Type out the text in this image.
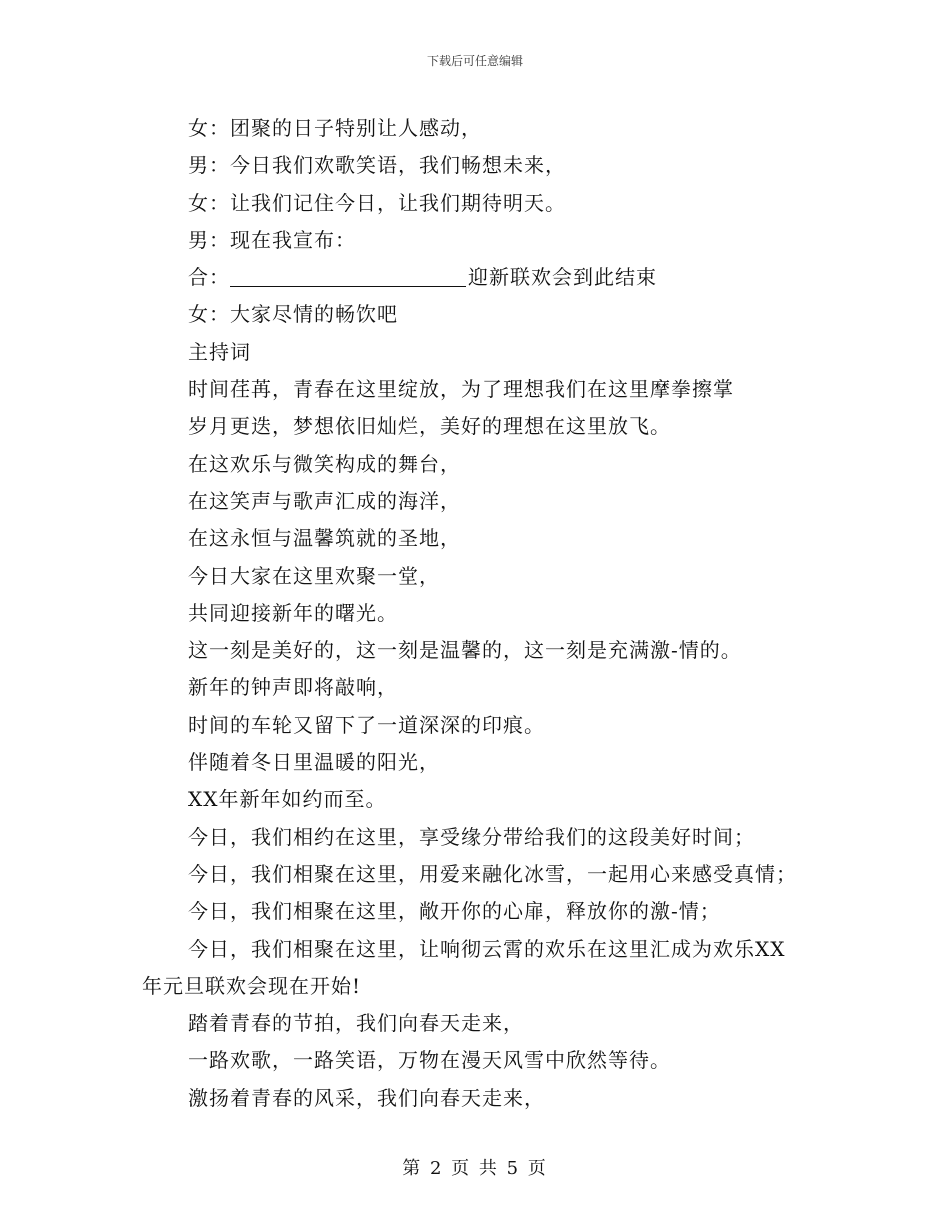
下载后可任意编辑
女：团聚的日子特别让人感动，
男：今日我们欢歌笑语，我们畅想未来，
女：让我们记住今日，让我们期待明天。
男：现在我宣布：
合：	迎新联欢会到此结束
女：大家尽情的畅饮吧
主持词
时间荏苒，青春在这里绽放，为了理想我们在这里摩拳擦掌
岁月更迭，梦想依旧灿烂，美好的理想在这里放飞。
在这欢乐与微笑构成的舞台，
在这笑声与歌声汇成的海洋，
在这永恒与温馨筑就的圣地，
今日大家在这里欢聚一堂，
共同迎接新年的曙光。
这一刻是美好的，这一刻是温馨的，这一刻是充满激-情的。
新年的钟声即将敲响，
时间的车轮又留下了一道深深的印痕。
伴随着冬日里温暖的阳光，
XX年新年如约而至。
今日，我们相约在这里，享受缘分带给我们的这段美好时间；
今日，我们相聚在这里，用爱来融化冰雪，一起用心来感受真情；
今日，我们相聚在这里，敞开你的心扉，释放你的激-情；
今日，我们相聚在这里，让响彻云霄的欢乐在这里汇成为欢乐XX
年元旦联欢会现在开始!
踏着青春的节拍，我们向春天走来，
一路欢歌，一路笑语，万物在漫天风雪中欣然等待。
激扬着青春的风采，我们向春天走来，
第 2 页 共 5 页
